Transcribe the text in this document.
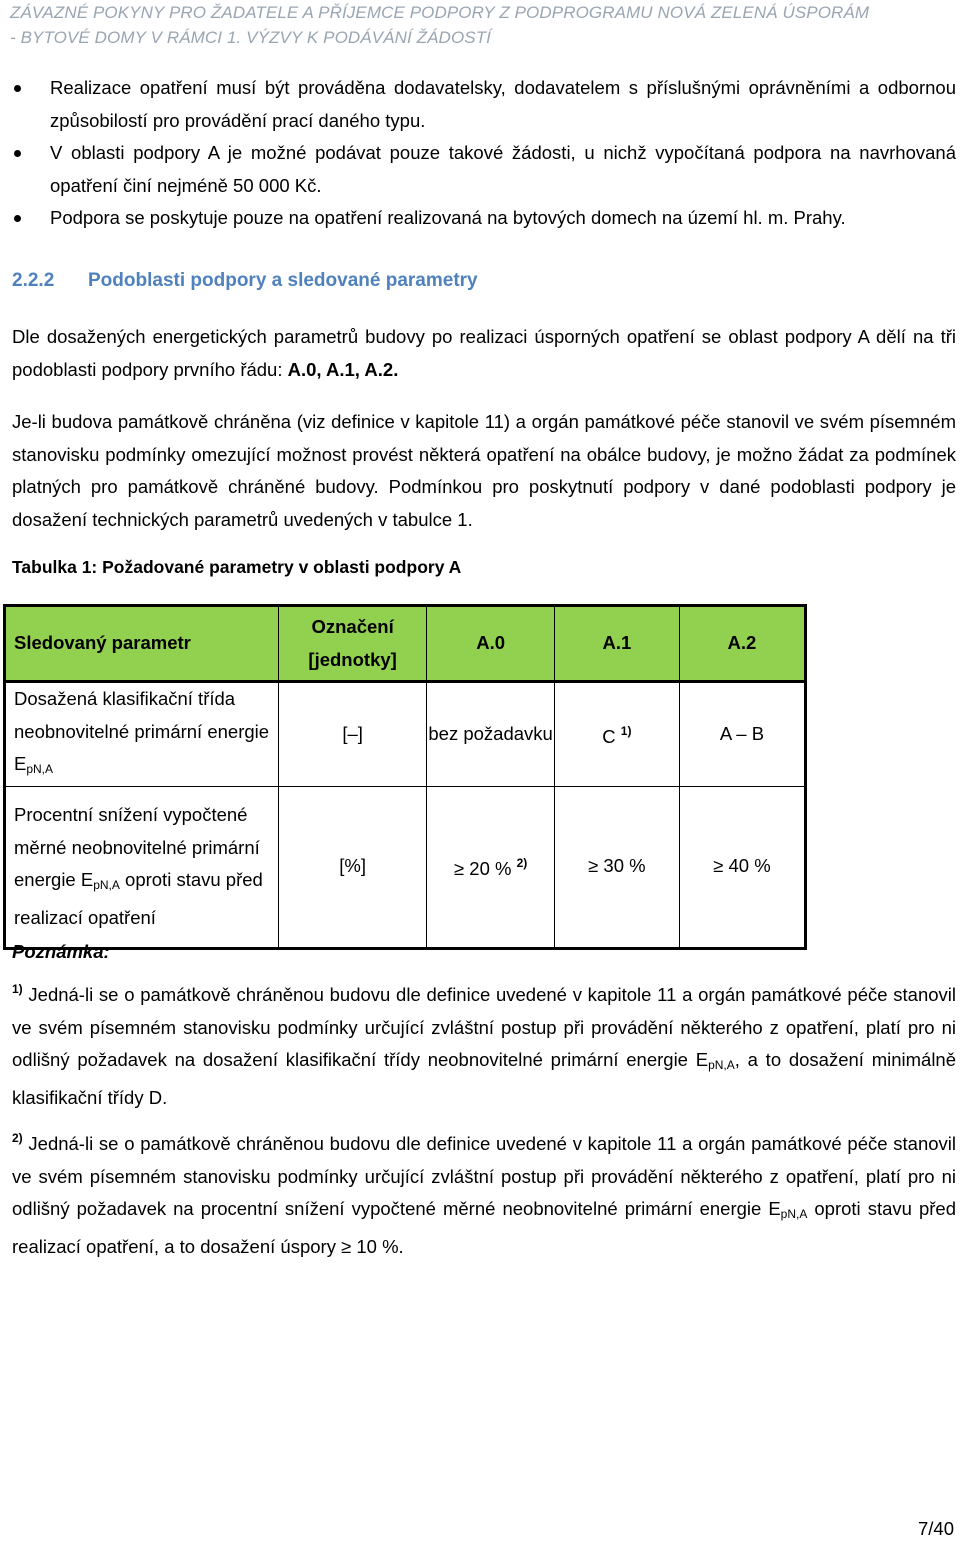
ZÁVAZNÉ POKYNY PRO ŽADATELE A PŘÍJEMCE PODPORY Z PODPROGRAMU NOVÁ ZELENÁ ÚSPORÁM
- BYTOVÉ DOMY V RÁMCI 1. VÝZVY K PODÁVÁNÍ ŽÁDOSTÍ
Realizace opatření musí být prováděna dodavatelsky, dodavatelem s příslušnými oprávněními a odbornou způsobilostí pro provádění prací daného typu.
V oblasti podpory A je možné podávat pouze takové žádosti, u nichž vypočítaná podpora na navrhovaná opatření činí nejméně 50 000 Kč.
Podpora se poskytuje pouze na opatření realizovaná na bytových domech na území hl. m. Prahy.
2.2.2 Podoblasti podpory a sledované parametry
Dle dosažených energetických parametrů budovy po realizaci úsporných opatření se oblast podpory A dělí na tři podoblasti podpory prvního řádu: A.0, A.1, A.2.
Je-li budova památkově chráněna (viz definice v kapitole 11) a orgán památkové péče stanovil ve svém písemném stanovisku podmínky omezující možnost provést některá opatření na obálce budovy, je možno žádat za podmínek platných pro památkově chráněné budovy. Podmínkou pro poskytnutí podpory v dané podoblasti podpory je dosažení technických parametrů uvedených v tabulce 1.
Tabulka 1: Požadované parametry v oblasti podpory A
Sledovaný parametr	Označení [jednotky]	A.0	A.1	A.2
Dosažená klasifikační třída neobnovitelné primární energie $E_{pN,A}$	[–]	bez požadavku	C $^{1)}$	A – B
Procentní snížení vypočtené měrné neobnovitelné primární energie $E_{pN,A}$ oproti stavu před realizací opatření	[%]	≥ 20 % $^{2)}$	≥ 30 %	≥ 40 %
Poznámka:
$^{1)}$ Jedná-li se o památkově chráněnou budovu dle definice uvedené v kapitole 11 a orgán památkové péče stanovil ve svém písemném stanovisku podmínky určující zvláštní postup při provádění některého z opatření, platí pro ni odlišný požadavek na dosažení klasifikační třídy neobnovitelné primární energie $E_{pN,A}$, a to dosažení minimálně klasifikační třídy D.
$^{2)}$ Jedná-li se o památkově chráněnou budovu dle definice uvedené v kapitole 11 a orgán památkové péče stanovil ve svém písemném stanovisku podmínky určující zvláštní postup při provádění některého z opatření, platí pro ni odlišný požadavek na procentní snížení vypočtené měrné neobnovitelné primární energie $E_{pN,A}$ oproti stavu před realizací opatření, a to dosažení úspory ≥ 10 %.
7/40
